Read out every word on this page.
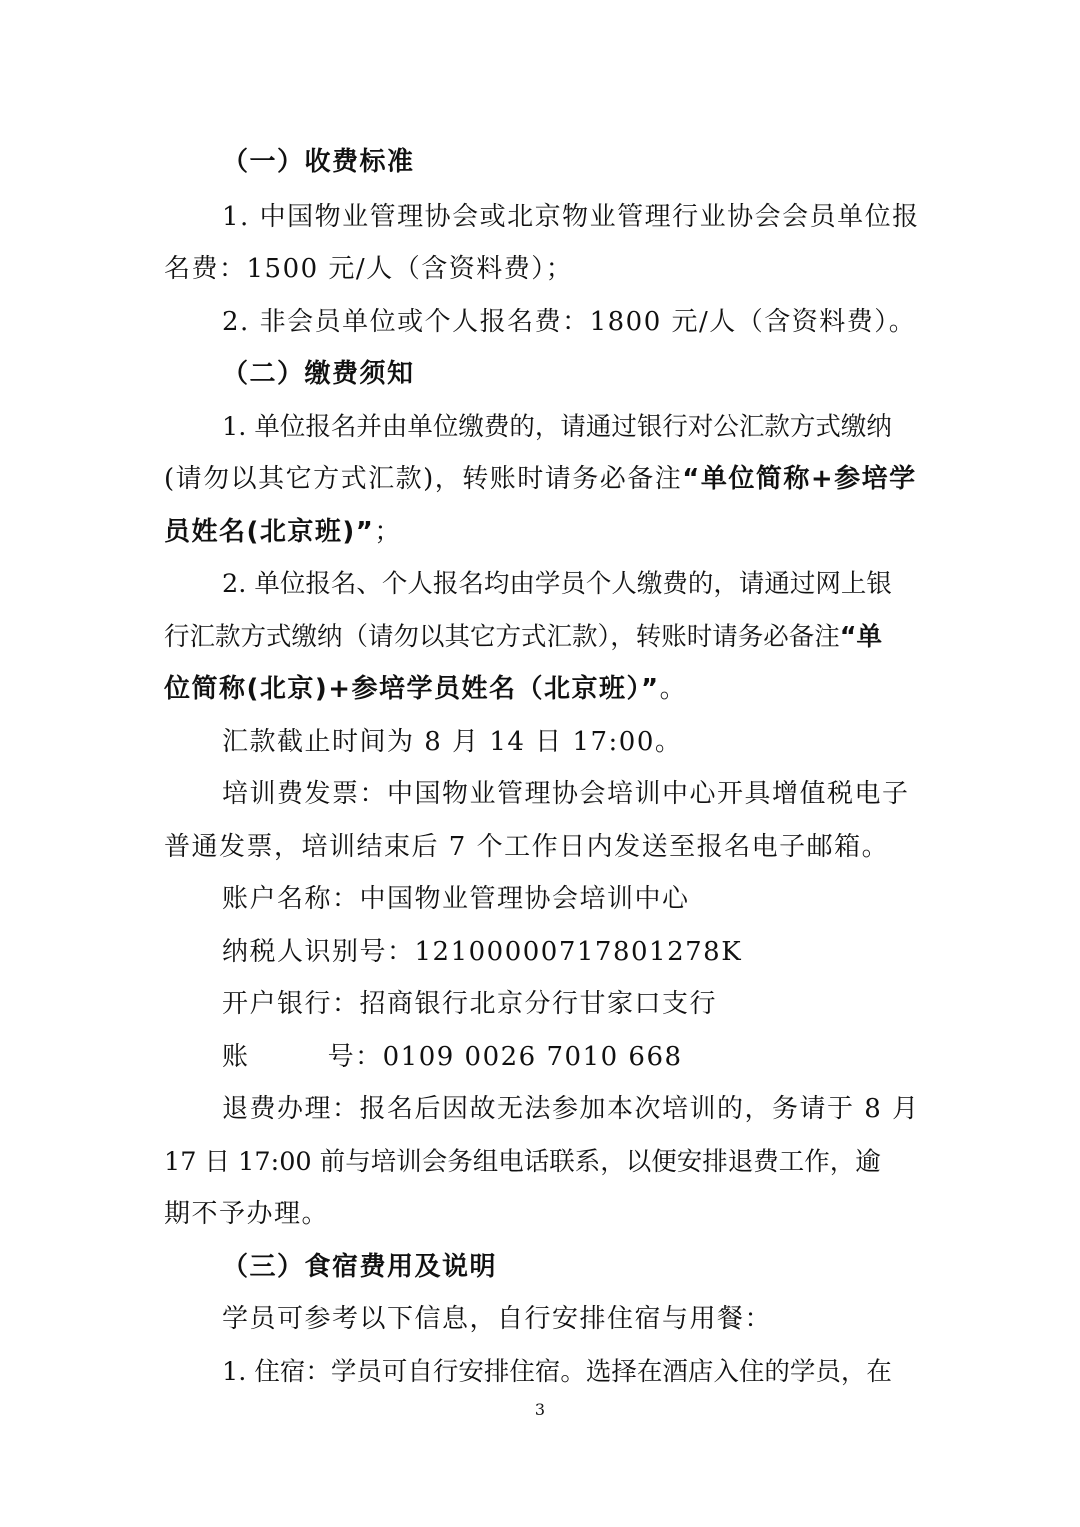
（一）收费标准
1. 中国物业管理协会或北京物业管理行业协会会员单位报
名费：1500 元/人（含资料费）；
2. 非会员单位或个人报名费：1800 元/人（含资料费）。
（二）缴费须知
1. 单位报名并由单位缴费的，请通过银行对公汇款方式缴纳
(请勿以其它方式汇款)，转账时请务必备注“单位简称+参培学
员姓名(北京班)”；
2. 单位报名、个人报名均由学员个人缴费的，请通过网上银
行汇款方式缴纳（请勿以其它方式汇款），转账时请务必备注“单
位简称(北京)+参培学员姓名（北京班）”。
汇款截止时间为 8 月 14 日 17:00。
培训费发票：中国物业管理协会培训中心开具增值税电子
普通发票，培训结束后 7 个工作日内发送至报名电子邮箱。
账户名称：中国物业管理协会培训中心
纳税人识别号：12100000717801278K
开户银行：招商银行北京分行甘家口支行
账        号：0109 0026 7010 668
退费办理：报名后因故无法参加本次培训的，务请于 8 月
17 日 17:00 前与培训会务组电话联系，以便安排退费工作，逾
期不予办理。
（三）食宿费用及说明
学员可参考以下信息，自行安排住宿与用餐：
1. 住宿：学员可自行安排住宿。选择在酒店入住的学员，在
3
